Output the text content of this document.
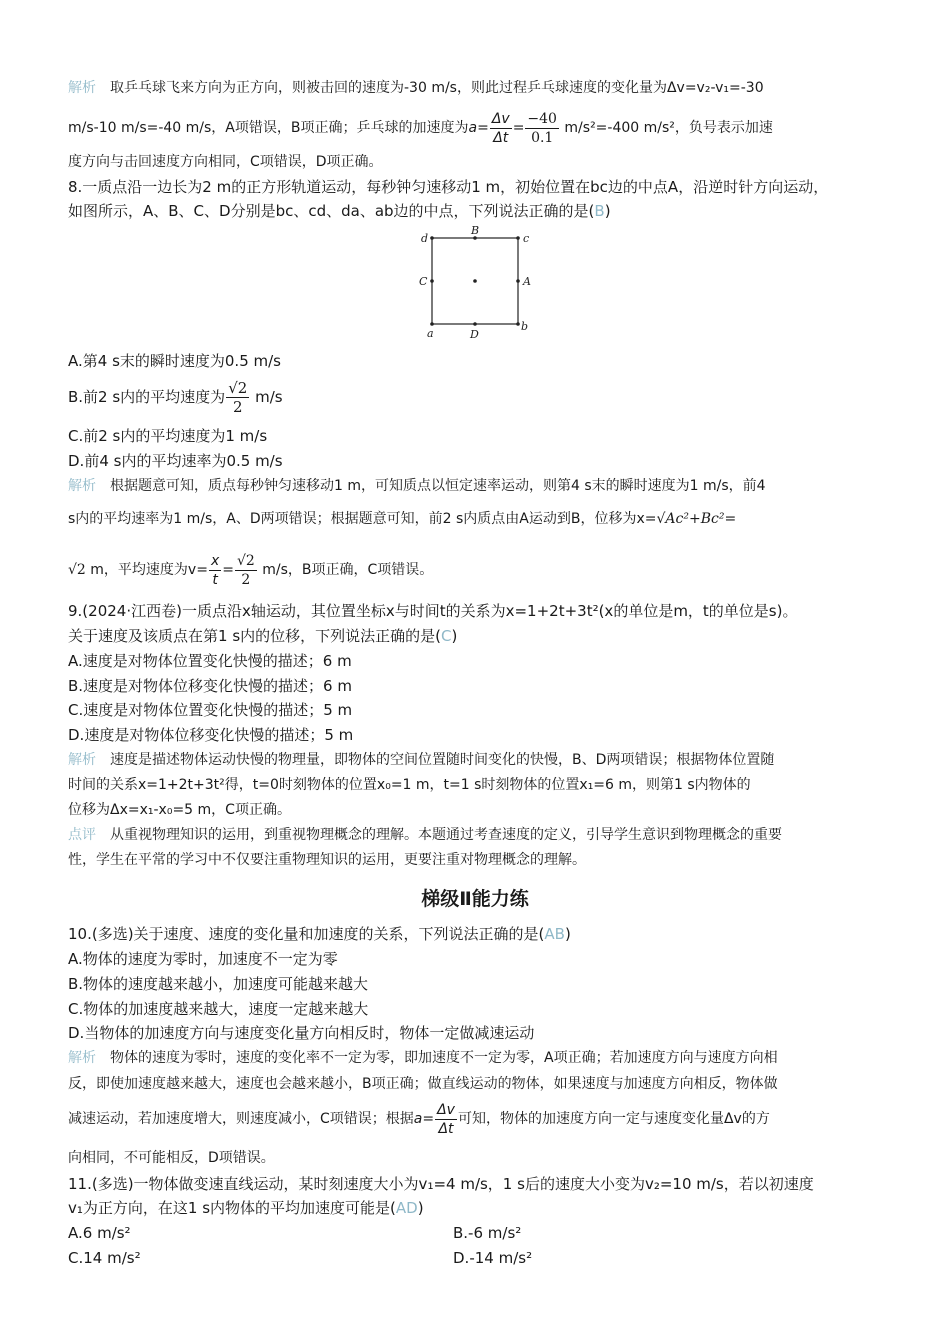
解析 取乒乓球飞来方向为正方向，则被击回的速度为-30 m/s，则此过程乒乓球速度的变化量为Δv=v₂-v₁=-30
m/s-10 m/s=-40 m/s，A项错误，B项正确；乒乓球的加速度为$a= \frac{\Delta v}{\Delta t} = \frac{-40}{0.1} m/s^2=-400$ m/s²，负号表示加速
度方向与击回速度方向相同，C项错误，D项正确。
8.一质点沿一边长为2 m的正方形轨道运动，每秒钟匀速移动1 m，初始位置在bc边的中点A，沿逆时针方向运动，
如图所示，A、B、C、D分别是bc、cd、da、ab边的中点，下列说法正确的是(B)
d
B
c
C	A
a	D
b
A.第4 s末的瞬时速度为0.5 m/s
B.前2 s内的平均速度为 $\frac{√2}{2} m/s$
C.前2 s内的平均速度为1 m/s
D.前4 s内的平均速率为0.5 m/s
解析 根据题意可知，质点每秒钟匀速移动1 m，可知质点以恒定速率运动，则第4 s末的瞬时速度为1 m/s，前4
s内的平均速率为1 m/s，A、D两项错误；根据题意可知，前2 s内质点由A运动到B，位移为x=√Ac²+Bc²=
√2 m，平均速度为$v= \frac{x}{t} = \frac{√2}{2} m/s$，B项正确，C项错误。
9.(2024·江西卷)一质点沿x轴运动，其位置坐标x与时间t的关系为x=1+2t+3t²(x的单位是m，t的单位是s)。
关于速度及该质点在第1 s内的位移，下列说法正确的是(C)
A.速度是对物体位置变化快慢的描述；6 m
B.速度是对物体位移变化快慢的描述；6 m
C.速度是对物体位置变化快慢的描述；5 m
D.速度是对物体位移变化快慢的描述；5 m
解析 速度是描述物体运动快慢的物理量，即物体的空间位置随时间变化的快慢，B、D两项错误；根据物体位置随
时间的关系x=1+2t+3t²得，t=0时刻物体的位置x₀=1 m，t=1 s时刻物体的位置x₁=6 m，则第1 s内物体的
位移为Δx=x₁-x₀=5 m，C项正确。
点评 从重视物理知识的运用，到重视物理概念的理解。本题通过考查速度的定义，引导学生意识到物理概念的重要
性，学生在平常的学习中不仅要注重物理知识的运用，更要注重对物理概念的理解。
梯级Ⅱ能力练
10.(多选)关于速度、速度的变化量和加速度的关系，下列说法正确的是(AB)
A.物体的速度为零时，加速度不一定为零
B.物体的速度越来越小，加速度可能越来越大
C.物体的加速度越来越大，速度一定越来越大
D.当物体的加速度方向与速度变化量方向相反时，物体一定做减速运动
解析 物体的速度为零时，速度的变化率不一定为零，即加速度不一定为零，A项正确；若加速度方向与速度方向相
反，即使加速度越来越大，速度也会越来越小，B项正确；做直线运动的物体，如果速度与加速度方向相反，物体做
减速运动，若加速度增大，则速度减小，C项错误；根据$a= \frac{\Delta v}{\Delta t}$ 可知，物体的加速度方向一定与速度变化量Δv的方
向相同，不可能相反，D项错误。
11.(多选)一物体做变速直线运动，某时刻速度大小为v₁=4 m/s，1 s后的速度大小变为v₂=10 m/s，若以初速度
v₁为正方向，在这1 s内物体的平均加速度可能是(AD)
A.6 m/s²	B.-6 m/s²
C.14 m/s²	D.-14 m/s²
